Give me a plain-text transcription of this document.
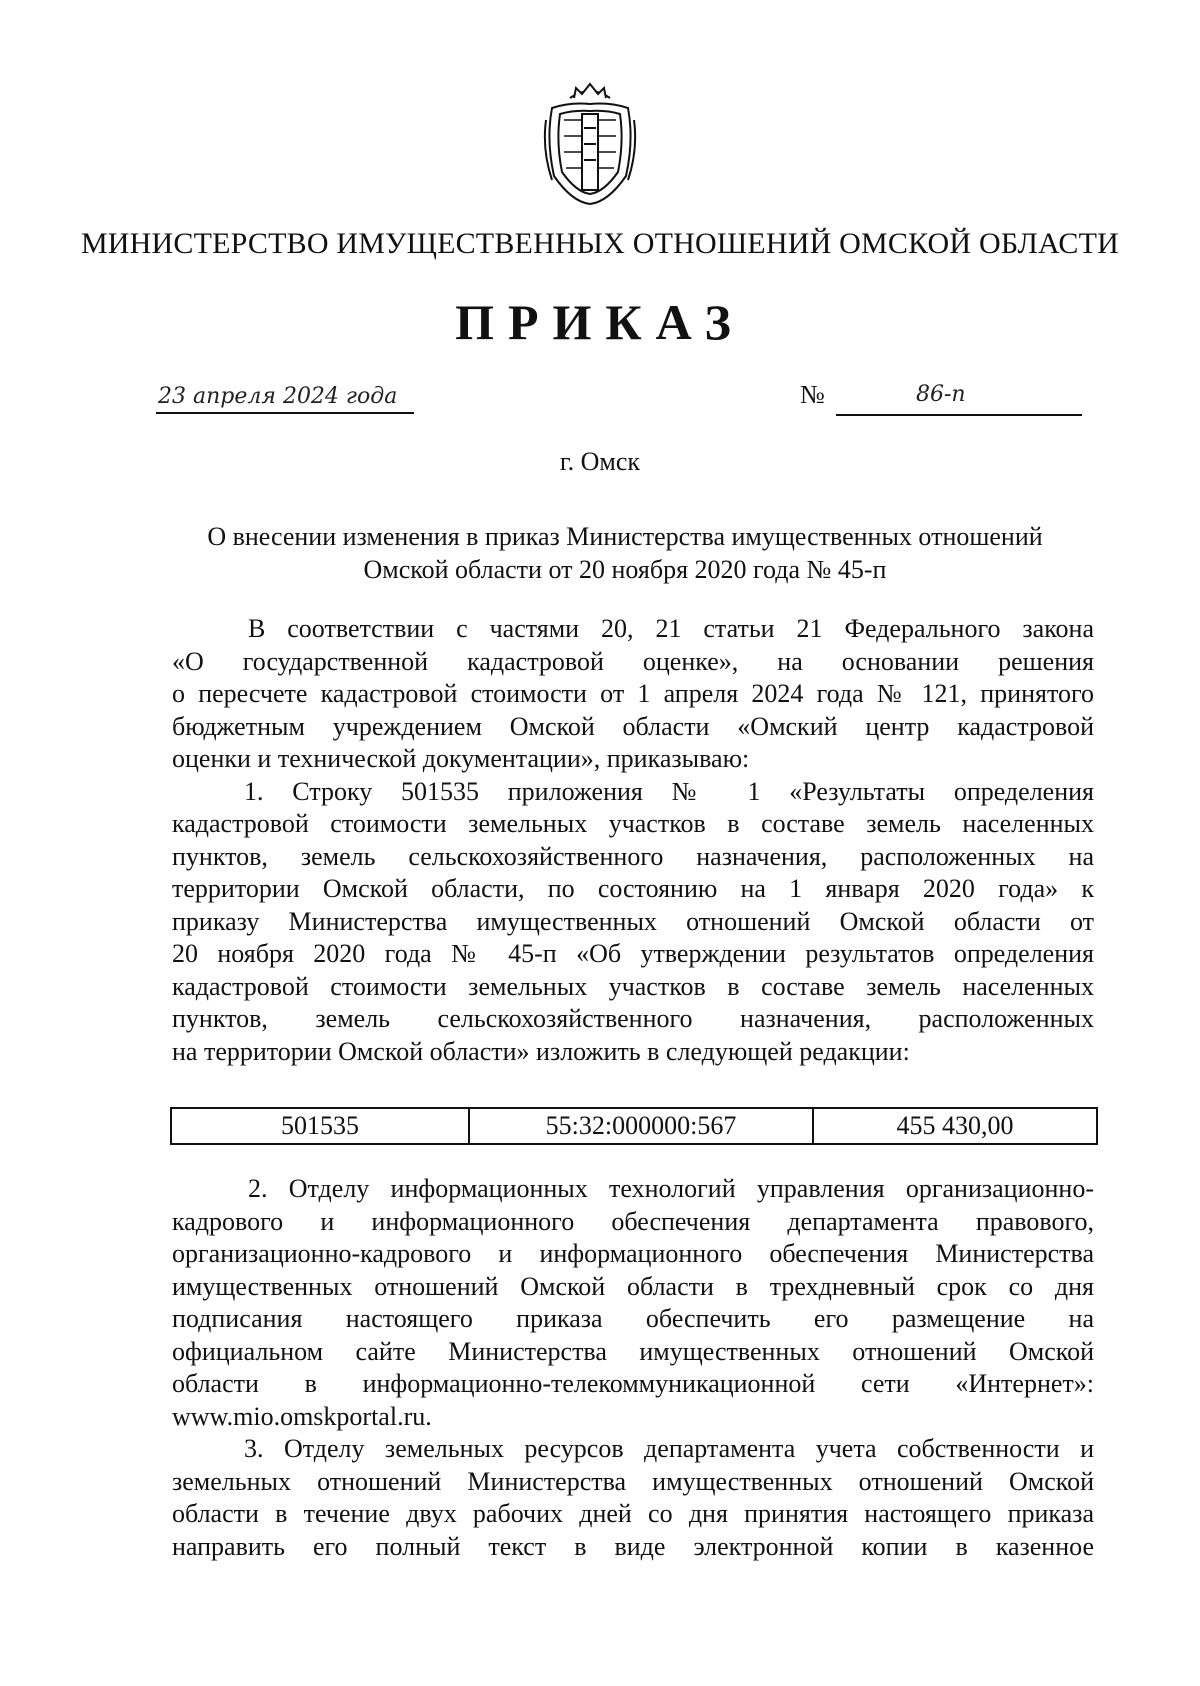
МИНИСТЕРСТВО ИМУЩЕСТВЕННЫХ ОТНОШЕНИЙ ОМСКОЙ ОБЛАСТИ
ПРИКАЗ
23 апреля 2024 года	№	86-п
г. Омск
О внесении изменения в приказ Министерства имущественных отношений
Омской области от 20 ноября 2020 года № 45-п
В соответствии с частями 20, 21 статьи 21 Федерального закона
«О государственной кадастровой оценке», на основании решения
о пересчете кадастровой стоимости от 1 апреля 2024 года № 121, принятого
бюджетным учреждением Омской области «Омский центр кадастровой
оценки и технической документации», приказываю:
1. Строку 501535 приложения № 1 «Результаты определения
кадастровой стоимости земельных участков в составе земель населенных
пунктов, земель сельскохозяйственного назначения, расположенных на
территории Омской области, по состоянию на 1 января 2020 года» к
приказу Министерства имущественных отношений Омской области от
20 ноября 2020 года № 45-п «Об утверждении результатов определения
кадастровой стоимости земельных участков в составе земель населенных
пунктов, земель сельскохозяйственного назначения, расположенных
на территории Омской области» изложить в следующей редакции:
501535	55:32:000000:567	455 430,00
2. Отделу информационных технологий управления организационно-
кадрового и информационного обеспечения департамента правового,
организационно-кадрового и информационного обеспечения Министерства
имущественных отношений Омской области в трехдневный срок со дня
подписания настоящего приказа обеспечить его размещение на
официальном сайте Министерства имущественных отношений Омской
области в информационно-телекоммуникационной сети «Интернет»:
www.mio.omskportal.ru.
3. Отделу земельных ресурсов департамента учета собственности и
земельных отношений Министерства имущественных отношений Омской
области в течение двух рабочих дней со дня принятия настоящего приказа
направить его полный текст в виде электронной копии в казенное
